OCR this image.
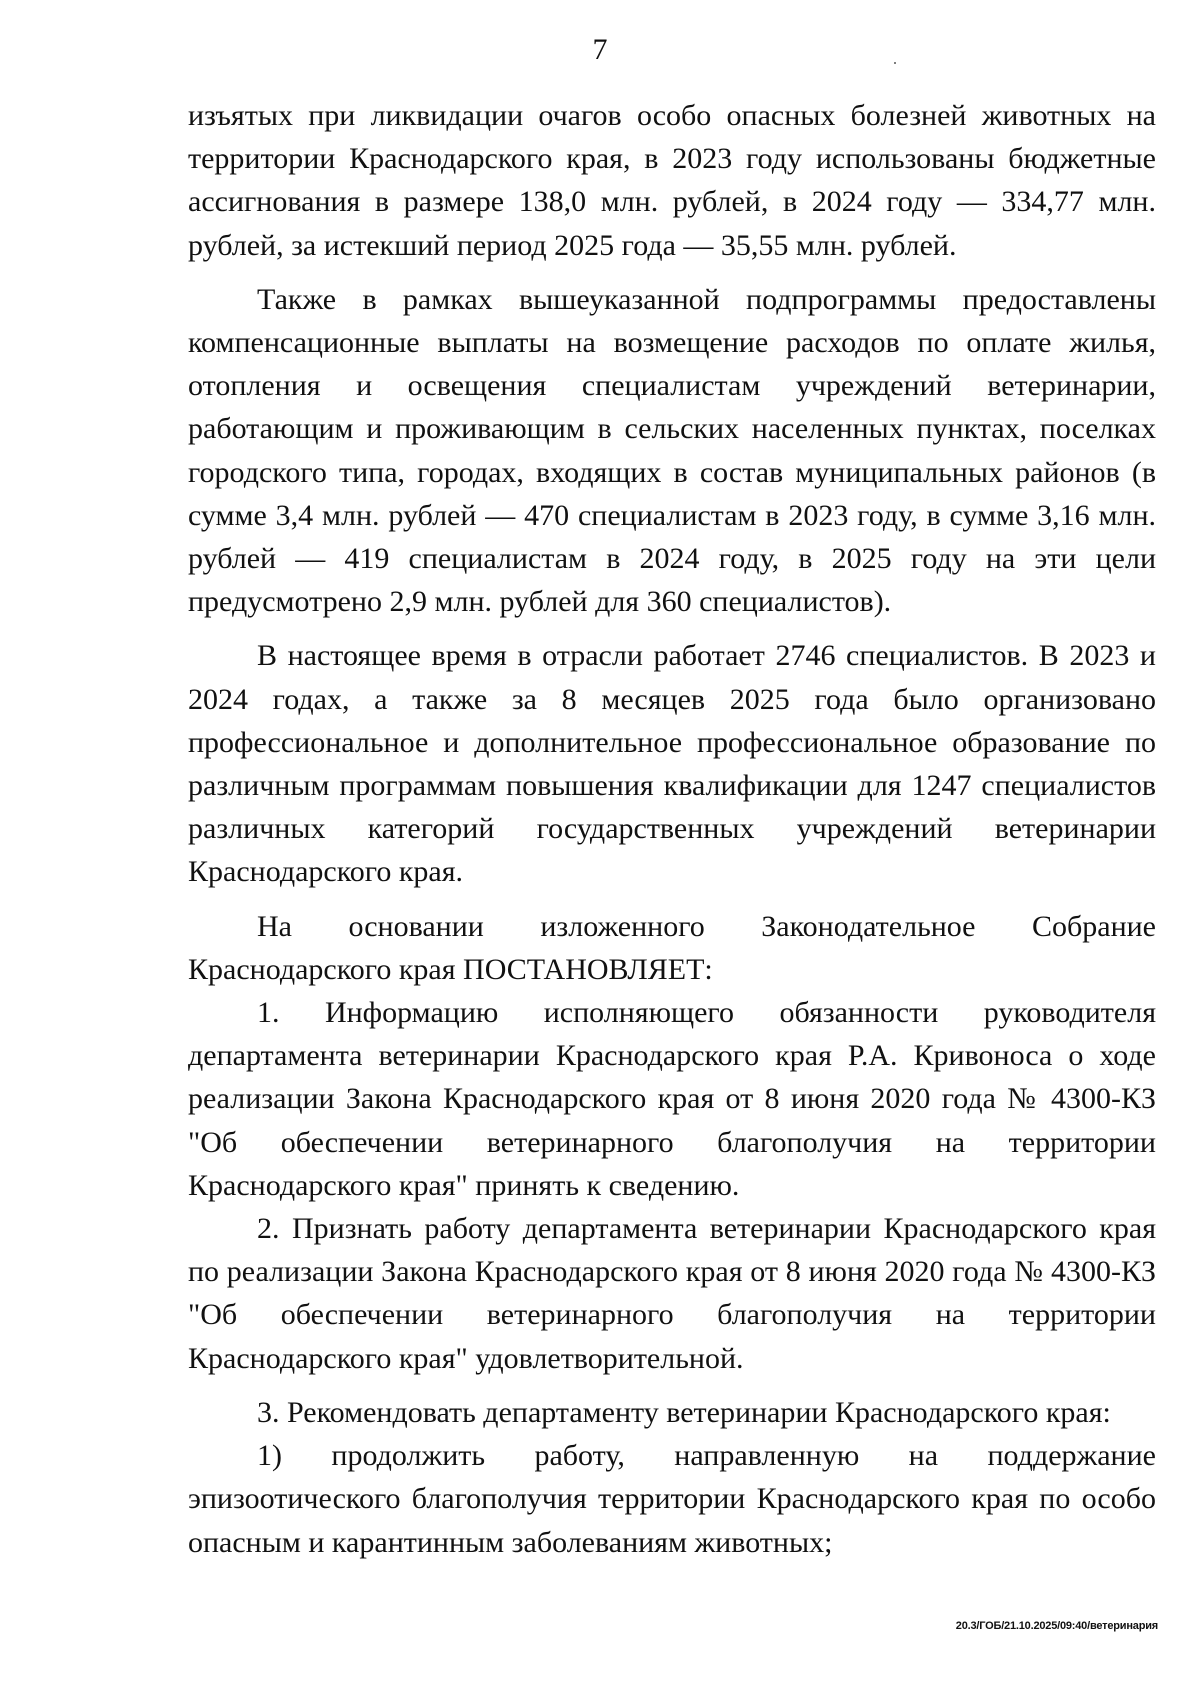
7

изъятых при ликвидации очагов особо опасных болезней животных на территории Краснодарского края, в 2023 году использованы бюджетные ассигнования в размере 138,0 млн. рублей, в 2024 году — 334,77 млн. рублей, за истекший период 2025 года — 35,55 млн. рублей.

Также в рамках вышеуказанной подпрограммы предоставлены компенсационные выплаты на возмещение расходов по оплате жилья, отопления и освещения специалистам учреждений ветеринарии, работающим и проживающим в сельских населенных пунктах, поселках городского типа, городах, входящих в состав муниципальных районов (в сумме 3,4 млн. рублей — 470 специалистам в 2023 году, в сумме 3,16 млн. рублей — 419 специалистам в 2024 году, в 2025 году на эти цели предусмотрено 2,9 млн. рублей для 360 специалистов).

В настоящее время в отрасли работает 2746 специалистов. В 2023 и 2024 годах, а также за 8 месяцев 2025 года было организовано профессиональное и дополнительное профессиональное образование по различным программам повышения квалификации для 1247 специалистов различных категорий государственных учреждений ветеринарии Краснодарского края.

На основании изложенного Законодательное Собрание Краснодарского края ПОСТАНОВЛЯЕТ:

1. Информацию исполняющего обязанности руководителя департамента ветеринарии Краснодарского края Р.А. Кривоноса о ходе реализации Закона Краснодарского края от 8 июня 2020 года № 4300-КЗ "Об обеспечении ветеринарного благополучия на территории Краснодарского края" принять к сведению.

2. Признать работу департамента ветеринарии Краснодарского края по реализации Закона Краснодарского края от 8 июня 2020 года № 4300-КЗ "Об обеспечении ветеринарного благополучия на территории Краснодарского края" удовлетворительной.

3. Рекомендовать департаменту ветеринарии Краснодарского края:

1) продолжить работу, направленную на поддержание эпизоотического благополучия территории Краснодарского края по особо опасным и карантинным заболеваниям животных;

20.3/ГОБ/21.10.2025/09:40/ветеринария
